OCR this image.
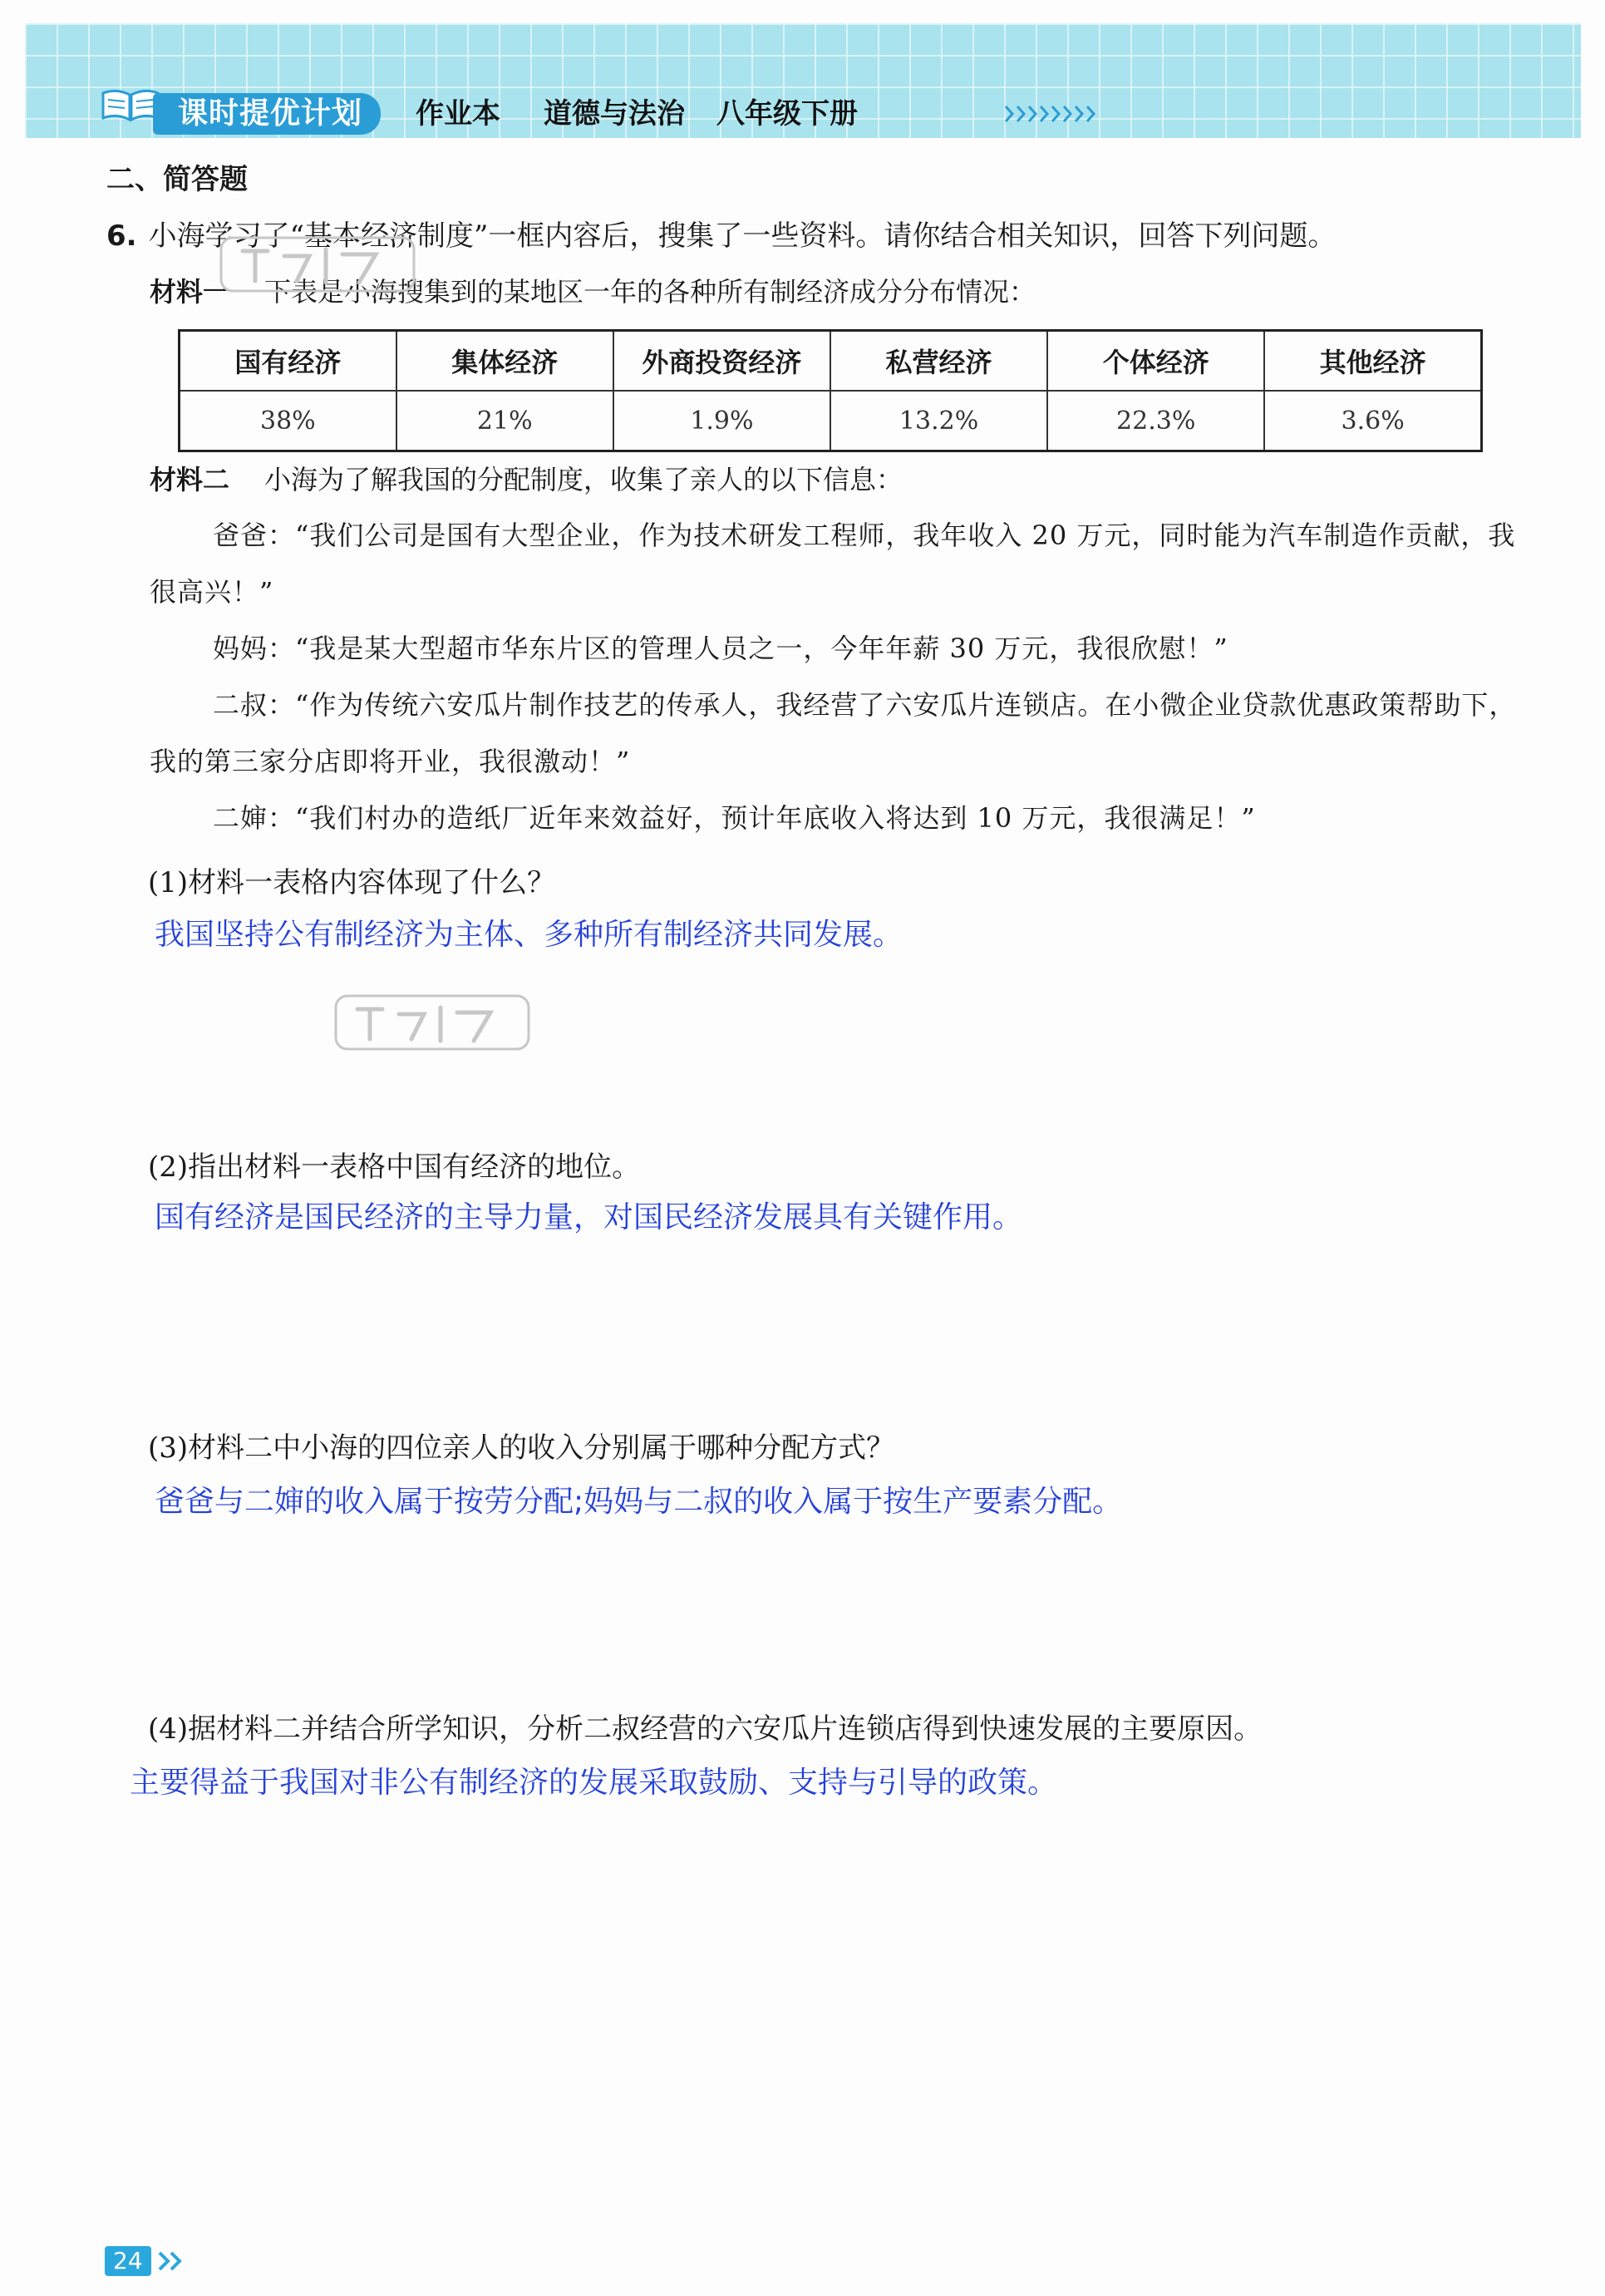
课时提优计划	作业本 道德与法治 八年级下册
二、简答题
6. 小海学习了“基本经济制度”一框内容后，搜集了一些资料。请你结合相关知识，回答下列问题。
材料一 下表是小海搜集到的某地区一年的各种所有制经济成分分布情况：
国有经济	集体经济	外商投资经济	私营经济	个体经济	其他经济
38%	21%	1.9%	13.2%	22.3%	3.6%
材料二 小海为了解我国的分配制度，收集了亲人的以下信息：
爸爸：“我们公司是国有大型企业，作为技术研发工程师，我年收入 20 万元，同时能为汽车制造作贡献，我很高兴！”
妈妈：“我是某大型超市华东片区的管理人员之一，今年年薪 30 万元，我很欣慰！”
二叔：“作为传统六安瓜片制作技艺的传承人，我经营了六安瓜片连锁店。在小微企业贷款优惠政策帮助下，我的第三家分店即将开业，我很激动！”
二婶：“我们村办的造纸厂近年来效益好，预计年底收入将达到 10 万元，我很满足！”
(1)材料一表格内容体现了什么？
我国坚持公有制经济为主体、多种所有制经济共同发展。
(2)指出材料一表格中国有经济的地位。
国有经济是国民经济的主导力量，对国民经济发展具有关键作用。
(3)材料二中小海的四位亲人的收入分别属于哪种分配方式？
爸爸与二婶的收入属于按劳分配;妈妈与二叔的收入属于按生产要素分配。
(4)据材料二并结合所学知识，分析二叔经营的六安瓜片连锁店得到快速发展的主要原因。
主要得益于我国对非公有制经济的发展采取鼓励、支持与引导的政策。
24
